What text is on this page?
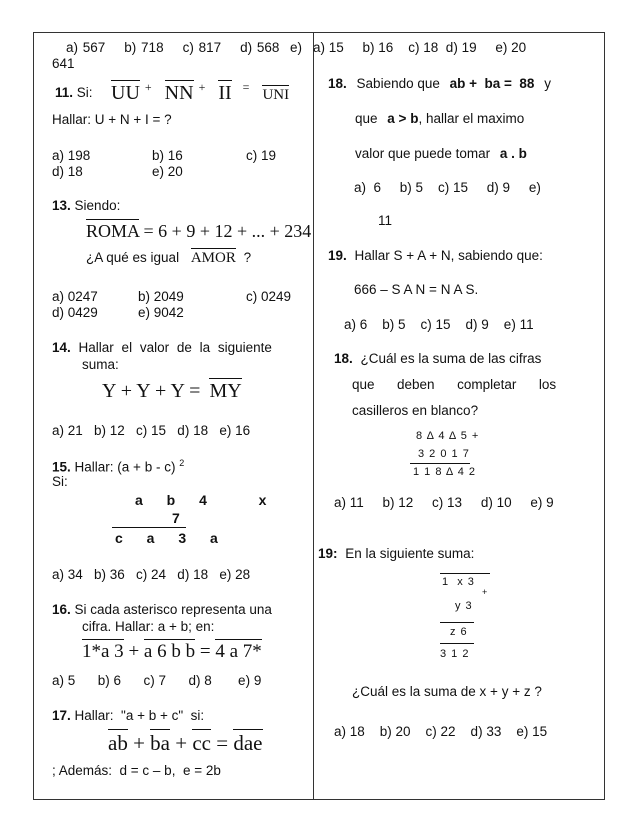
a) 567 b) 718 c) 817 d) 568 e)
641
11. Si: UU + NN + II = UNI
Hallar: U + N + I = ?
a) 198	b) 16	c) 19
d) 18	e) 20
13. Siendo:
ROMA = 6 + 9 + 12 + ... + 234
¿A qué es igual AMOR ?
a) 0247	b) 2049	c) 0249
d) 0429	e) 9042
14. Hallar el valor de la siguiente
suma:
Y + Y + Y = MY
a) 21   b) 12   c) 15   d) 18   e) 16
15. Hallar: (a + b - c) $^2$
Si:
a b 4   x
7
c a 3 a
a) 34   b) 36   c) 24   d) 18   e) 28
16. Si cada asterisco representa una
cifra. Hallar: a + b; en:
1*a 3 + a 6 b b = 4 a 7*
a) 5      b) 6      c) 7      d) 8       e) 9
17. Hallar:  "a + b + c"  si:
ab + ba + cc = dae
; Además:  d = c – b,  e = 2b
a) 15     b) 16    c) 18  d) 19     e) 20
18. Sabiendo que ab +  ba =  88 y
que a > b, hallar el maximo
valor que puede tomar a . b
a)  6     b) 5    c) 15     d) 9     e)
11
19. Hallar S + A + N, sabiendo que:
666 – S A N = N A S.
a) 6    b) 5    c) 15    d) 9    e) 11
18. ¿Cuál es la suma de las cifras
que      deben      completar      los
casilleros en blanco?
8 Δ 4 Δ 5 +
3 2 0 1 7
1 1 8 Δ 4 2
a) 11     b) 12     c) 13     d) 10     e) 9
19: En la siguiente suma:
1  x 3
+
y 3
z 6
3 1 2
¿Cuál es la suma de x + y + z ?
a) 18    b) 20    c) 22    d) 33    e) 15
